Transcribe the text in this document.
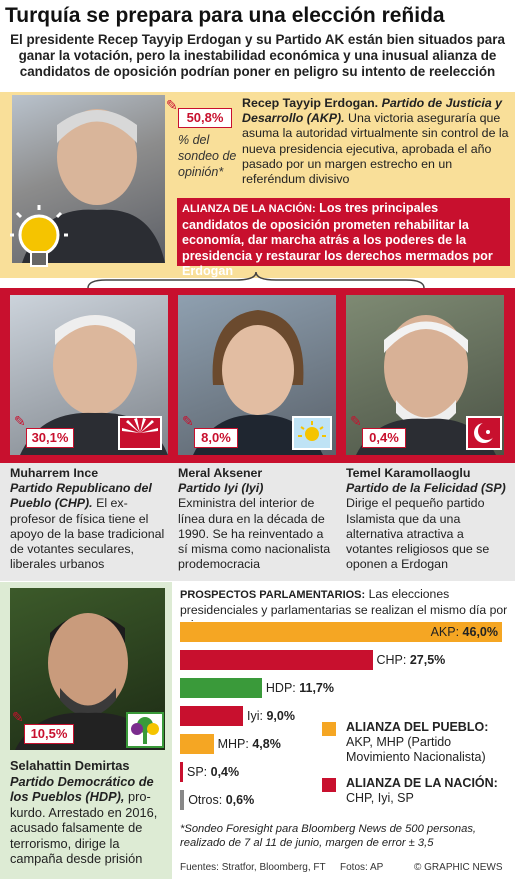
Turquía se prepara para una elección reñida
El presidente Recep Tayyip Erdogan y su Partido AK están bien situados para ganar la votación, pero la inestabilidad económica y una inusual alianza de candidatos de oposición podrían poner en peligro su intento de reelección
✎
50,8%
% del sondeo de opinión*
Recep Tayyip Erdogan. Partido de Justicia y Desarrollo (AKP). Una victoria aseguraría que asuma la autoridad virtualmente sin control de la nueva presidencia ejecutiva, aprobada el año pasado por un margen estrecho en un referéndum divisivo
ALIANZA DE LA NACIÓN: Los tres principales candidatos de oposición prometen rehabilitar la economía, dar marcha atrás a los poderes de la presidencia y restaurar los derechos mermados por Erdogan
✎
30,1%
✎
8,0%
✎
0,4%
Muharrem Ince
Partido Republicano del Pueblo (CHP). El ex-profesor de física tiene el apoyo de la base tradicional de votantes seculares, liberales urbanos
Meral Aksener
Partido Iyi (Iyi)
Exministra del interior de línea dura en la década de 1990. Se ha reinventado a sí misma como nacionalista prodemocracia
Temel Karamollaoglu
Partido de la Felicidad (SP) Dirige el pequeño partido Islamista que da una alternativa atractiva a votantes religiosos que se oponen a Erdogan
✎
10,5%
Selahattin Demirtas
Partido Democrático de los Pueblos (HDP), pro-kurdo. Arrestado en 2016, acusado falsamente de terrorismo, dirige la campaña desde prisión
PROSPECTOS PARLAMENTARIOS: Las elecciones presidenciales y parlamentarias se realizan el mismo día por
AKP: 46,0%
CHP: 27,5%
HDP: 11,7%
Iyi: 9,0%
MHP: 4,8%
SP: 0,4%
Otros: 0,6%
ALIANZA DEL PUEBLO:
AKP, MHP (Partido Movimiento Nacionalista)
ALIANZA DE LA NACIÓN:
CHP, Iyi, SP
*Sondeo Foresight para Bloomberg News de 500 personas, realizado de 7 al 11 de junio, margen de error ± 3,5
Fuentes: Stratfor, Bloomberg, FT Fotos: AP	© GRAPHIC NEWS
